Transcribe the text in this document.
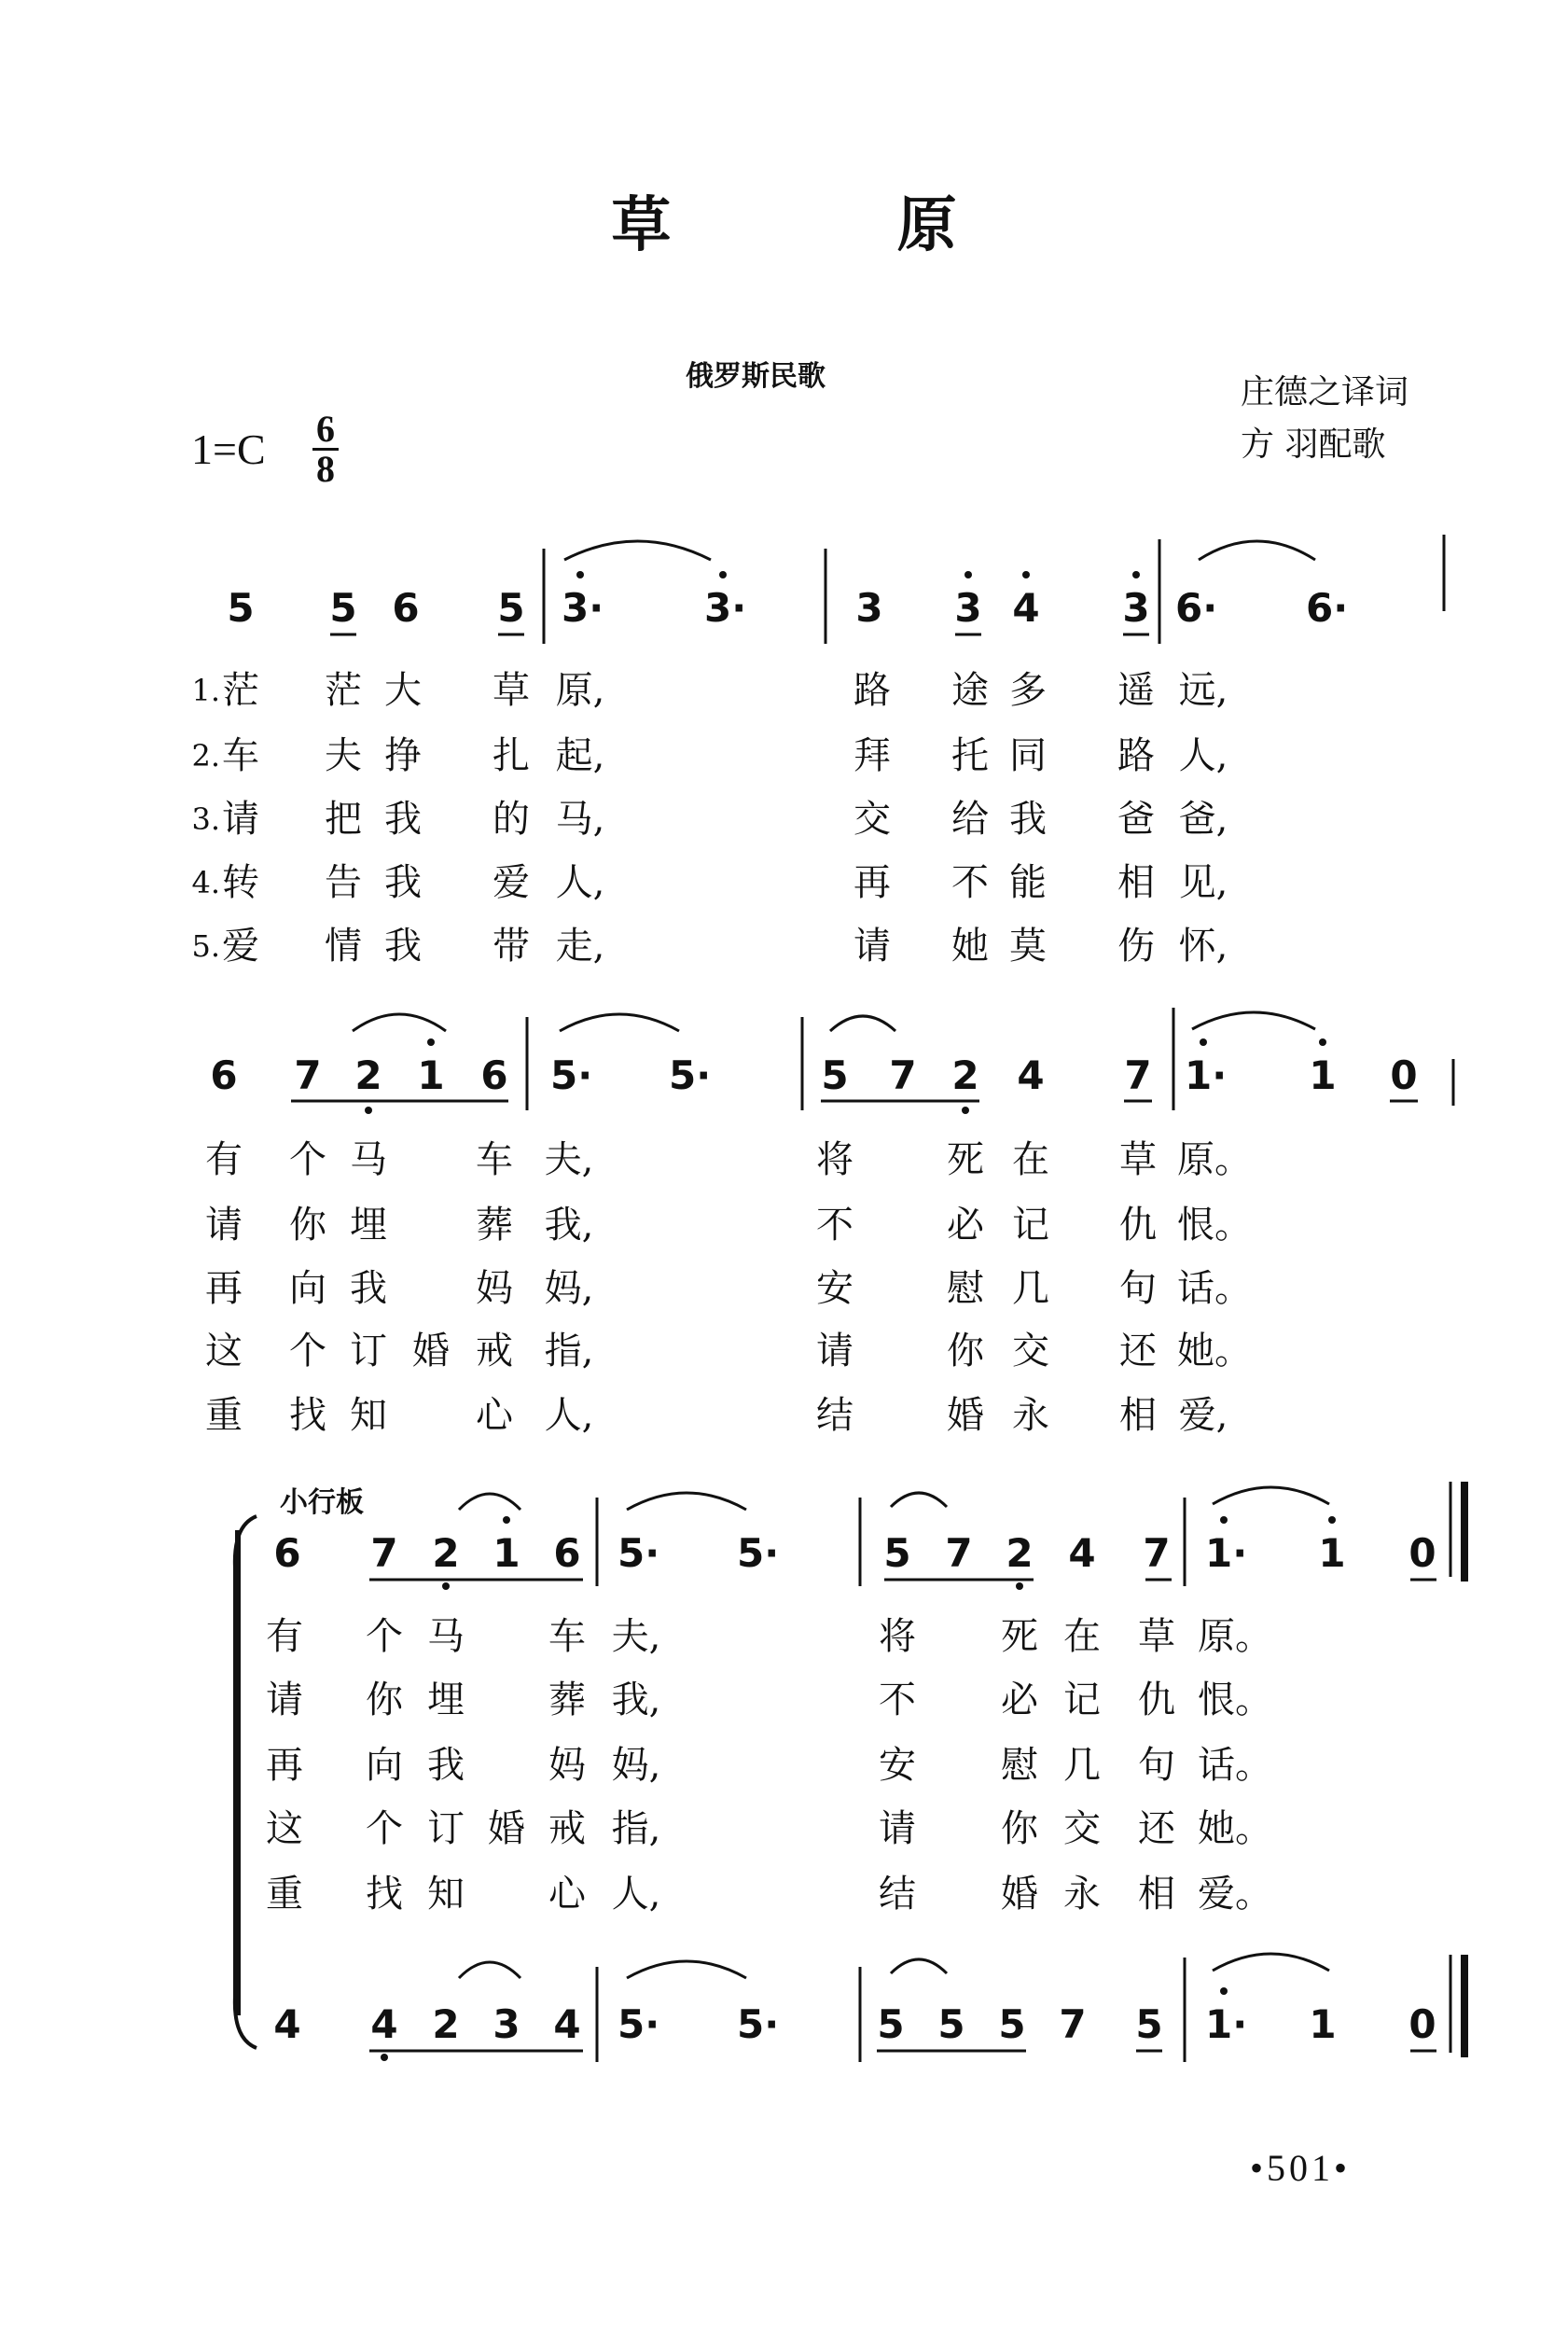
草 原
俄罗斯民歌	庄德之译词
方 羽配歌
$1=C \frac{6}{8}$
小行板
5 5 6 5 3·	3·	3 3 4 3 6· 6·
1. 茫 茫 大 草 原,	路 途 多 遥 远,
2. 车 夫 挣 扎 起,	拜 托 同 路 人,
3. 请 把 我 的 马,	交 给 我 爸 爸,
4. 转 告 我 爱 人,	再 不 能 相 见,
5. 爱 情 我 带 走,	请 她 莫 伤 怀,
6 7 2 1 6 5· 5·	5 7 2 4 7 1· 1 0
有 个 马 车 夫,	将	死 在 草 原。
请 你 埋 葬 我,	不	必 记 仇 恨。
再 向 我 妈 妈,	安	慰 几 句 话。
这 个 订 婚 戒 指,	请	你 交 还 她。
重 找 知 心 人,	结	婚 永 相 爱,
6 7 2 1 6 5· 5·	5 7 2 4 7 1· 1 0
4 4 2 3 4 5· 5·	5 5 5 7 5 1· 1 0
有 个 马 车 夫,	将 死 在 草 原。
请 你 埋 葬 我,	不 必 记 仇 恨。
再 向 我 妈 妈,	安 慰 几 句 话。
这 个 订 婚 戒 指,	请 你 交 还 她。
重 找 知 心 人,	结 婚 永 相 爱。
•501•
